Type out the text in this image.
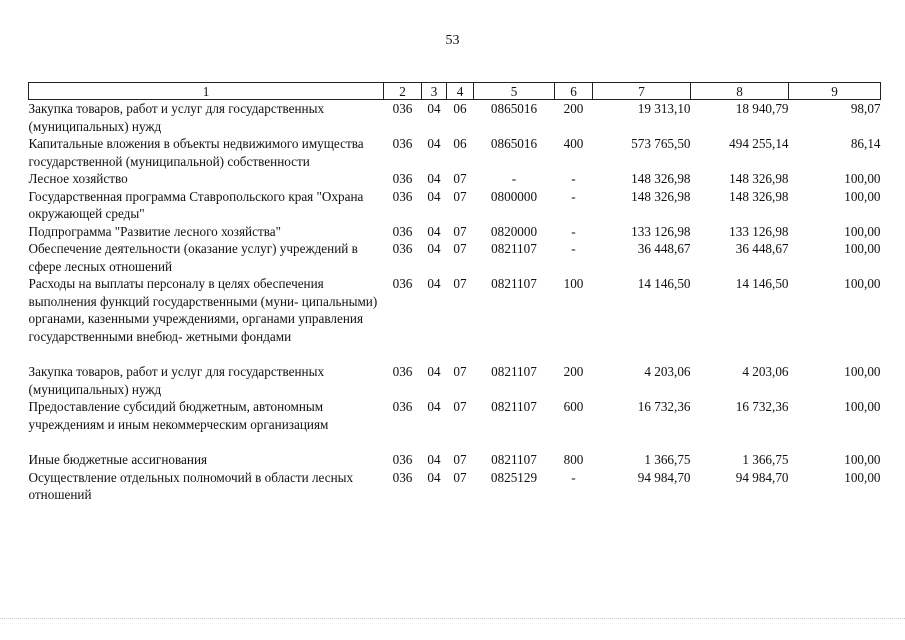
53
1	2	3	4	5	6	7	8	9
Закупка товаров, работ и услуг для государственных (муниципальных) нужд	036	04	06	0865016	200	19 313,10	18 940,79	98,07
Капитальные вложения в объекты недвижимого имущества государственной (муниципальной) собственности	036	04	06	0865016	400	573 765,50	494 255,14	86,14
Лесное хозяйство	036	04	07	-	-	148 326,98	148 326,98	100,00
Государственная программа Ставропольского края "Охрана окружающей среды"	036	04	07	0800000	-	148 326,98	148 326,98	100,00
Подпрограмма "Развитие лесного хозяйства"	036	04	07	0820000	-	133 126,98	133 126,98	100,00
Обеспечение деятельности (оказание услуг) учреждений в сфере лесных отношений	036	04	07	0821107	-	36 448,67	36 448,67	100,00
Расходы на выплаты персоналу в целях обеспечения выполнения функций государственными (муни- ципальными) органами, казенными учреждениями, органами управления государственными внебюд- жетными фондами	036	04	07	0821107	100	14 146,50	14 146,50	100,00

Закупка товаров, работ и услуг для государственных (муниципальных) нужд	036	04	07	0821107	200	4 203,06	4 203,06	100,00
Предоставление субсидий бюджетным, автономным учреждениям и иным некоммерческим организациям	036	04	07	0821107	600	16 732,36	16 732,36	100,00

Иные бюджетные ассигнования	036	04	07	0821107	800	1 366,75	1 366,75	100,00
Осуществление отдельных полномочий в области лесных отношений	036	04	07	0825129	-	94 984,70	94 984,70	100,00
